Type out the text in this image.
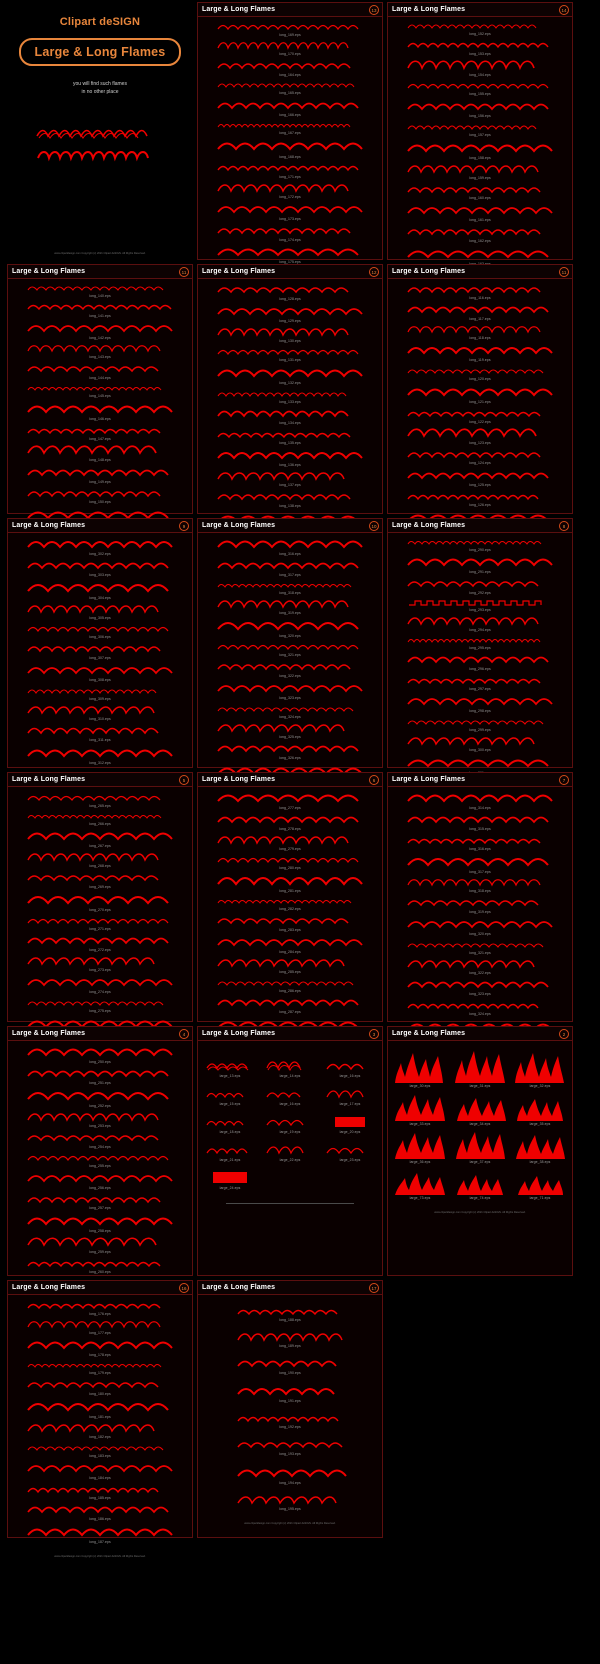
Clipart deSIGN
Large & Long Flames
you will find such flames
in no other place
www.clipartdesign.com Copyright (c) 2021 Clipart deSIGN. All Rights Reserved.
Large & Long Flames	13
long_169.eps
long_170.eps
long_164.eps
long_165.eps
long_166.eps
long_167.eps
long_168.eps
long_171.eps
long_172.eps
long_173.eps
long_174.eps
long_175.eps
Large & Long Flames	14
long_152.eps
long_153.eps
long_154.eps
long_155.eps
long_156.eps
long_157.eps
long_158.eps
long_159.eps
long_160.eps
long_161.eps
long_162.eps
Large & Long Flames	11
long_140.eps
long_141.eps
long_142.eps
long_143.eps
long_144.eps
long_145.eps
long_146.eps
long_147.eps
long_148.eps
long_149.eps
long_150.eps
Large & Long Flames	12
long_128.eps
long_129.eps
long_130.eps
long_131.eps
long_132.eps
long_133.eps
long_134.eps
long_135.eps
long_136.eps
long_137.eps
long_138.eps
Large & Long Flames	11
long_116.eps
long_117.eps
long_118.eps
long_119.eps
long_120.eps
long_121.eps
long_122.eps
long_123.eps
long_124.eps
long_125.eps
long_126.eps
Large & Long Flames	9
long_302.eps
long_303.eps
long_304.eps
long_305.eps
long_306.eps
long_307.eps
long_308.eps
long_309.eps
long_310.eps
long_311.eps
long_312.eps
Large & Long Flames	10
long_316.eps
long_317.eps
long_318.eps
long_319.eps
long_320.eps
long_321.eps
long_322.eps
long_323.eps
long_324.eps
long_325.eps
long_326.eps
Large & Long Flames	8
long_290.eps
long_291.eps
long_292.eps
long_293.eps
long_294.eps
long_295.eps
long_296.eps
long_297.eps
long_298.eps
long_299.eps
long_300.eps
Large & Long Flames	5
long_265.eps
long_266.eps
long_267.eps
long_268.eps
long_269.eps
long_270.eps
long_271.eps
long_272.eps
long_273.eps
long_274.eps
long_275.eps
Large & Long Flames	6
long_277.eps
long_278.eps
long_279.eps
long_280.eps
long_281.eps
long_282.eps
long_283.eps
long_284.eps
long_285.eps
long_286.eps
long_287.eps
Large & Long Flames	7
long_314.eps
long_315.eps
long_316.eps
long_317.eps
long_318.eps
long_319.eps
long_320.eps
long_321.eps
long_322.eps
long_323.eps
long_324.eps
Large & Long Flames	4
long_250.eps
long_251.eps
long_252.eps
long_253.eps
long_254.eps
long_255.eps
long_256.eps
long_257.eps
long_258.eps
long_259.eps
long_260.eps
Large & Long Flames	3
large_13.eps	large_14.eps	large_16.eps
large_15.eps	large_16.eps	large_17.eps
large_18.eps	large_19.eps	large_20.eps
large_21.eps	large_22.eps	large_23.eps
large_24.eps
Large & Long Flames	2
large_30.eps	large_31.eps	large_32.eps
large_33.eps	large_34.eps	large_35.eps
large_36.eps	large_37.eps	large_38.eps
large_73.eps	large_74.eps	large_71.eps
www.clipartdesign.com Copyright (c) 2021 Clipart deSIGN. All Rights Reserved.
Large & Long Flames	16
long_176.eps
long_177.eps
long_178.eps
long_179.eps
long_180.eps
long_181.eps
long_182.eps
long_183.eps
long_184.eps
long_185.eps
long_186.eps
long_187.eps
www.clipartdesign.com Copyright (c) 2021 Clipart deSIGN. All Rights Reserved.
Large & Long Flames	17
long_188.eps
long_189.eps
long_190.eps
long_191.eps
long_192.eps
long_193.eps
long_194.eps
long_195.eps
www.clipartdesign.com Copyright (c) 2021 Clipart deSIGN. All Rights Reserved.
